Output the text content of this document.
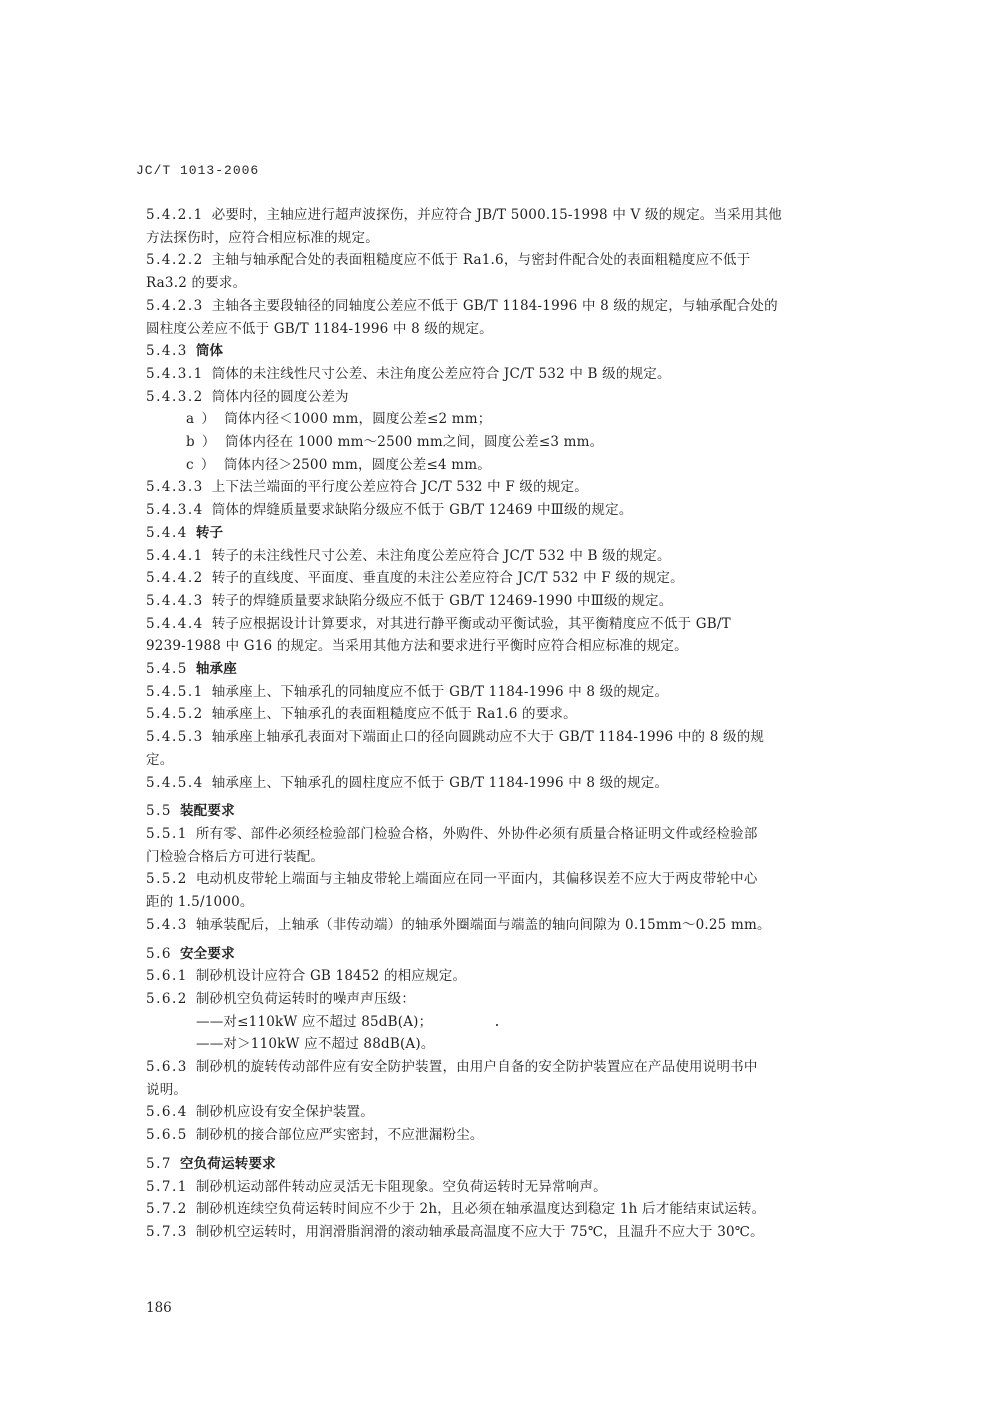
JC/T 1013-2006
5.4.2.1 必要时，主轴应进行超声波探伤，并应符合 JB/T 5000.15-1998 中 V 级的规定。当采用其他
方法探伤时，应符合相应标准的规定。
5.4.2.2 主轴与轴承配合处的表面粗糙度应不低于 Ra1.6，与密封件配合处的表面粗糙度应不低于
Ra3.2 的要求。
5.4.2.3 主轴各主要段轴径的同轴度公差应不低于 GB/T 1184-1996 中 8 级的规定，与轴承配合处的
圆柱度公差应不低于 GB/T 1184-1996 中 8 级的规定。
5.4.3 筒体
5.4.3.1 筒体的未注线性尺寸公差、未注角度公差应符合 JC/T 532 中 B 级的规定。
5.4.3.2 筒体内径的圆度公差为
a ） 筒体内径＜1000 mm，圆度公差≤2 mm；
b ） 筒体内径在 1000 mm～2500 mm之间，圆度公差≤3 mm。
c ） 筒体内径＞2500 mm，圆度公差≤4 mm。
5.4.3.3 上下法兰端面的平行度公差应符合 JC/T 532 中 F 级的规定。
5.4.3.4 筒体的焊缝质量要求缺陷分级应不低于 GB/T 12469 中Ⅲ级的规定。
5.4.4 转子
5.4.4.1 转子的未注线性尺寸公差、未注角度公差应符合 JC/T 532 中 B 级的规定。
5.4.4.2 转子的直线度、平面度、垂直度的未注公差应符合 JC/T 532 中 F 级的规定。
5.4.4.3 转子的焊缝质量要求缺陷分级应不低于 GB/T 12469-1990 中Ⅲ级的规定。
5.4.4.4 转子应根据设计计算要求，对其进行静平衡或动平衡试验，其平衡精度应不低于 GB/T
9239-1988 中 G16 的规定。当采用其他方法和要求进行平衡时应符合相应标准的规定。
5.4.5 轴承座
5.4.5.1 轴承座上、下轴承孔的同轴度应不低于 GB/T 1184-1996 中 8 级的规定。
5.4.5.2 轴承座上、下轴承孔的表面粗糙度应不低于 Ra1.6 的要求。
5.4.5.3 轴承座上轴承孔表面对下端面止口的径向圆跳动应不大于 GB/T 1184-1996 中的 8 级的规
定。
5.4.5.4 轴承座上、下轴承孔的圆柱度应不低于 GB/T 1184-1996 中 8 级的规定。
5.5 装配要求
5.5.1 所有零、部件必须经检验部门检验合格，外购件、外协件必须有质量合格证明文件或经检验部
门检验合格后方可进行装配。
5.5.2 电动机皮带轮上端面与主轴皮带轮上端面应在同一平面内，其偏移误差不应大于两皮带轮中心
距的 1.5/1000。
5.4.3 轴承装配后，上轴承（非传动端）的轴承外圈端面与端盖的轴向间隙为 0.15mm～0.25 mm。
5.6 安全要求
5.6.1 制砂机设计应符合 GB 18452 的相应规定。
5.6.2 制砂机空负荷运转时的噪声声压级：
——对≤110kW 应不超过 85dB(A)；
——对＞110kW 应不超过 88dB(A)。
5.6.3 制砂机的旋转传动部件应有安全防护装置，由用户自备的安全防护装置应在产品使用说明书中
说明。
5.6.4 制砂机应设有安全保护装置。
5.6.5 制砂机的接合部位应严实密封，不应泄漏粉尘。
5.7 空负荷运转要求
5.7.1 制砂机运动部件转动应灵活无卡阻现象。空负荷运转时无异常响声。
5.7.2 制砂机连续空负荷运转时间应不少于 2h，且必须在轴承温度达到稳定 1h 后才能结束试运转。
5.7.3 制砂机空运转时，用润滑脂润滑的滚动轴承最高温度不应大于 75℃，且温升不应大于 30℃。
186
